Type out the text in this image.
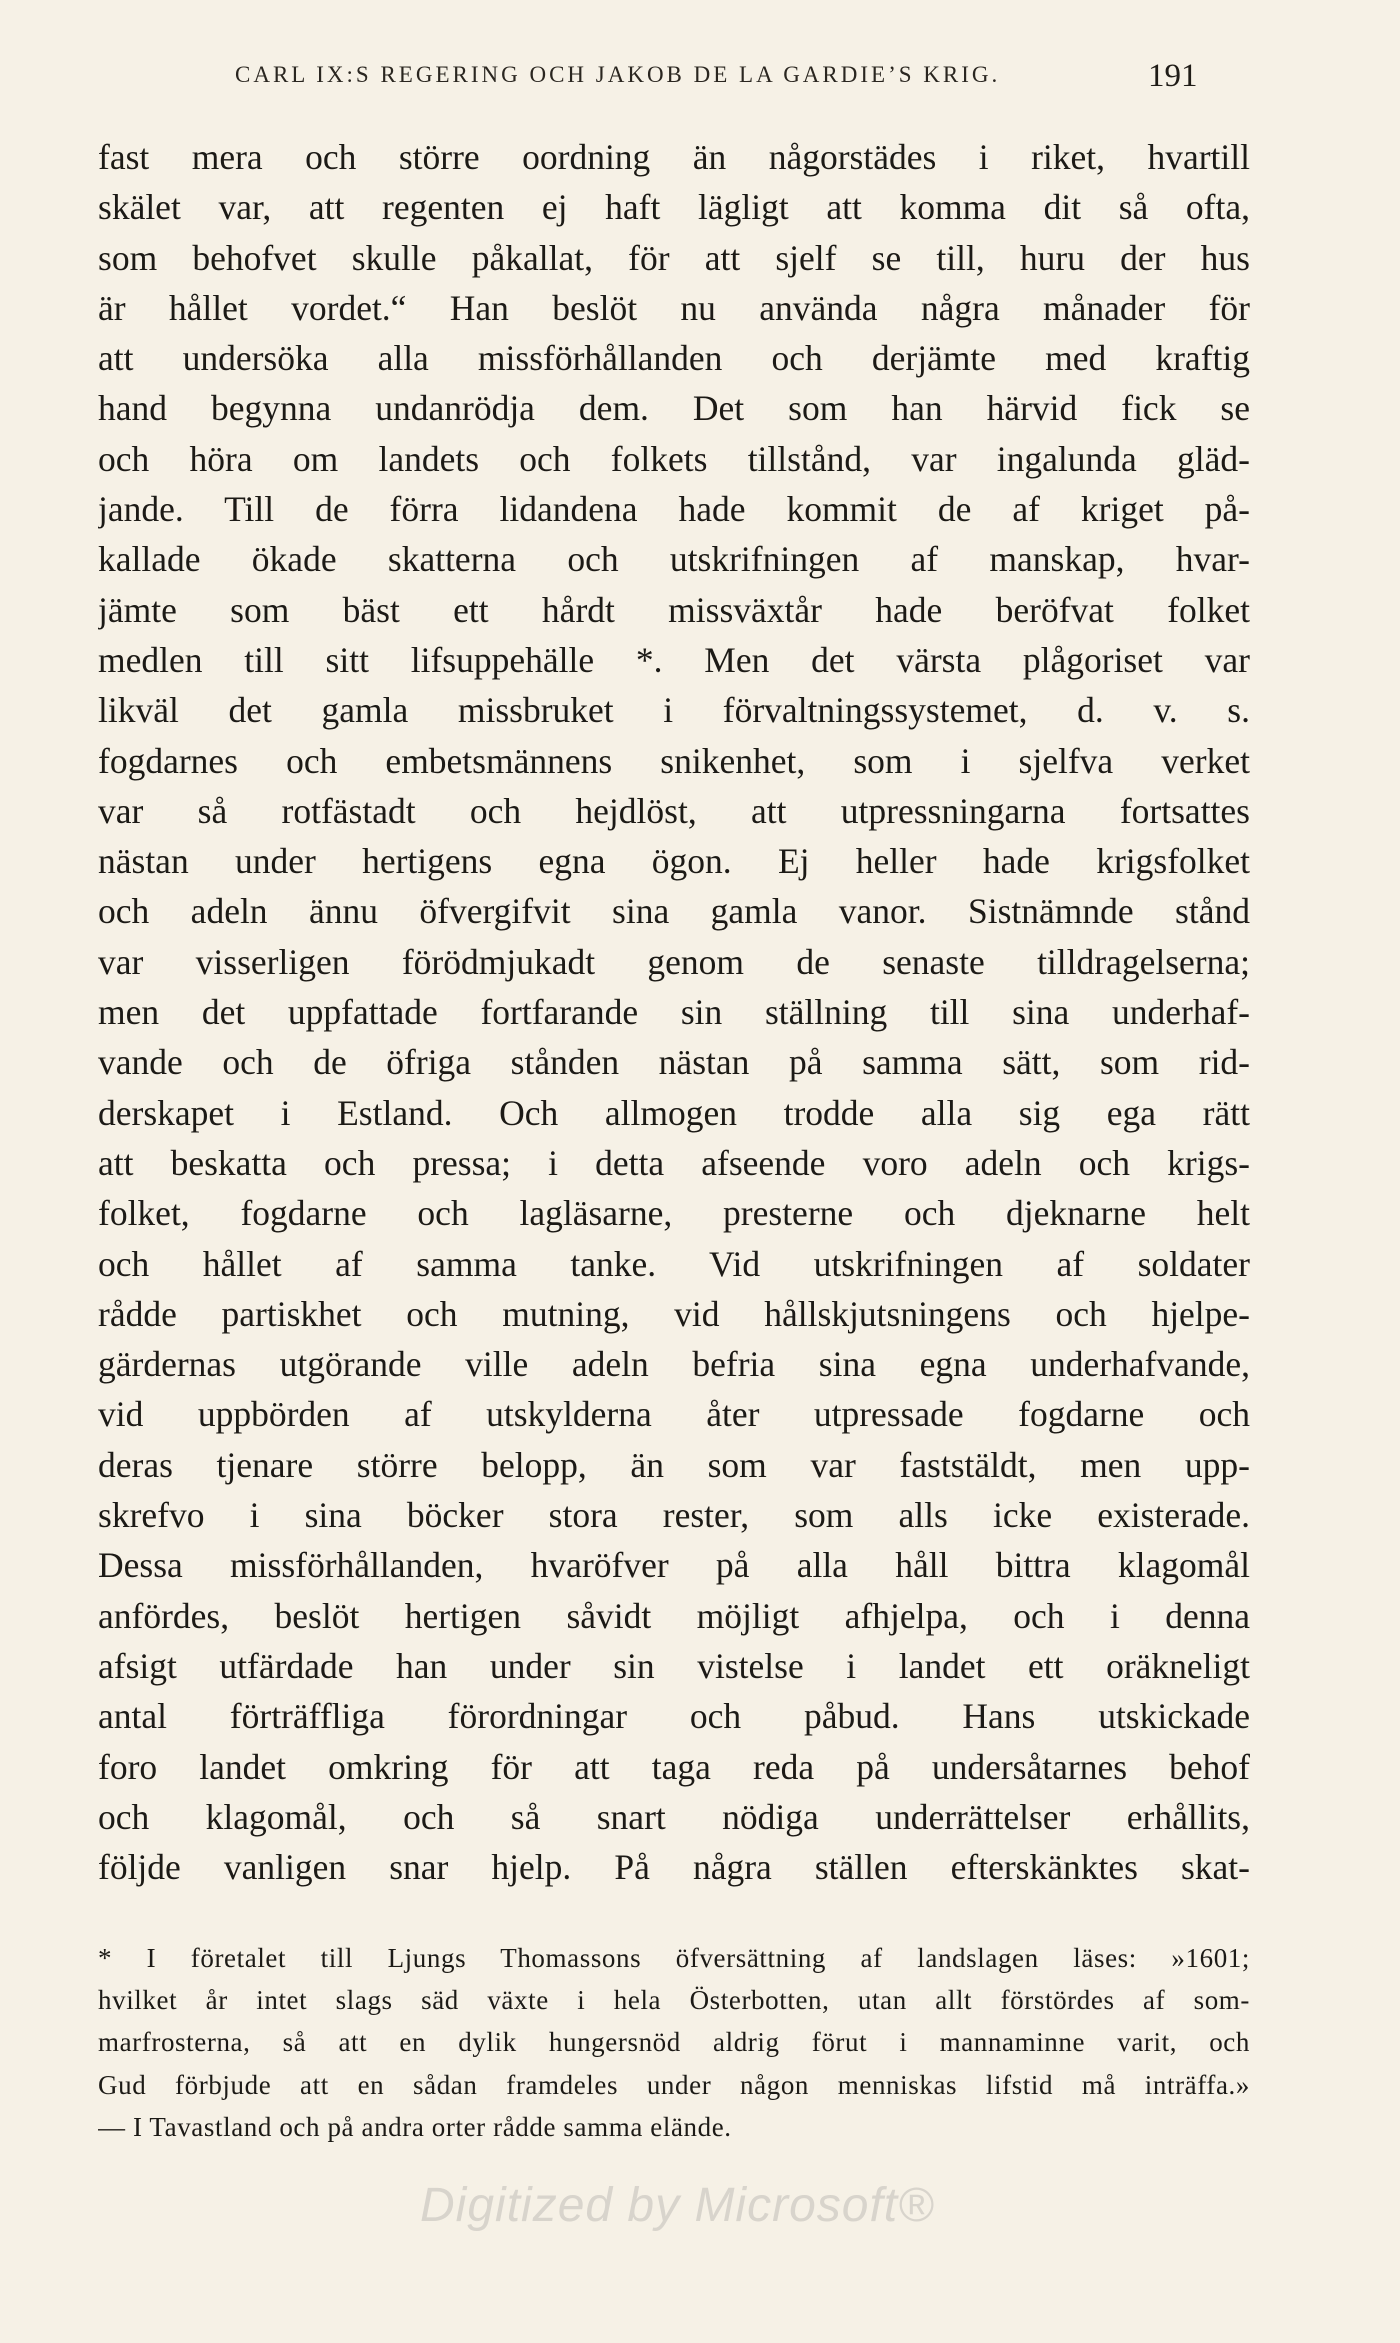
CARL IX:S REGERING OCH JAKOB DE LA GARDIE’S KRIG.	191
fast mera och större oordning än någorstädes i riket, hvartill
skälet var, att regenten ej haft lägligt att komma dit så ofta,
som behofvet skulle påkallat, för att sjelf se till, huru der hus
är hållet vordet.“ Han beslöt nu använda några månader för
att undersöka alla missförhållanden och derjämte med kraftig
hand begynna undanrödja dem. Det som han härvid fick se
och höra om landets och folkets tillstånd, var ingalunda gläd-
jande. Till de förra lidandena hade kommit de af kriget på-
kallade ökade skatterna och utskrifningen af manskap, hvar-
jämte som bäst ett hårdt missväxtår hade beröfvat folket
medlen till sitt lifsuppehälle *. Men det värsta plågoriset var
likväl det gamla missbruket i förvaltningssystemet, d. v. s.
fogdarnes och embetsmännens snikenhet, som i sjelfva verket
var så rotfästadt och hejdlöst, att utpressningarna fortsattes
nästan under hertigens egna ögon. Ej heller hade krigsfolket
och adeln ännu öfvergifvit sina gamla vanor. Sistnämnde stånd
var visserligen förödmjukadt genom de senaste tilldragelserna;
men det uppfattade fortfarande sin ställning till sina underhaf-
vande och de öfriga stånden nästan på samma sätt, som rid-
derskapet i Estland. Och allmogen trodde alla sig ega rätt
att beskatta och pressa; i detta afseende voro adeln och krigs-
folket, fogdarne och lagläsarne, presterne och djeknarne helt
och hållet af samma tanke. Vid utskrifningen af soldater
rådde partiskhet och mutning, vid hållskjutsningens och hjelpe-
gärdernas utgörande ville adeln befria sina egna underhafvande,
vid uppbörden af utskylderna åter utpressade fogdarne och
deras tjenare större belopp, än som var faststäldt, men upp-
skrefvo i sina böcker stora rester, som alls icke existerade.
Dessa missförhållanden, hvaröfver på alla håll bittra klagomål
anfördes, beslöt hertigen såvidt möjligt afhjelpa, och i denna
afsigt utfärdade han under sin vistelse i landet ett oräkneligt
antal förträffliga förordningar och påbud. Hans utskickade
foro landet omkring för att taga reda på undersåtarnes behof
och klagomål, och så snart nödiga underrättelser erhållits,
följde vanligen snar hjelp. På några ställen efterskänktes skat-
* I företalet till Ljungs Thomassons öfversättning af landslagen läses: »1601;
hvilket år intet slags säd växte i hela Österbotten, utan allt förstördes af som-
marfrosterna, så att en dylik hungersnöd aldrig förut i mannaminne varit, och
Gud förbjude att en sådan framdeles under någon menniskas lifstid må inträffa.»
— I Tavastland och på andra orter rådde samma elände.
Digitized by Microsoft®
